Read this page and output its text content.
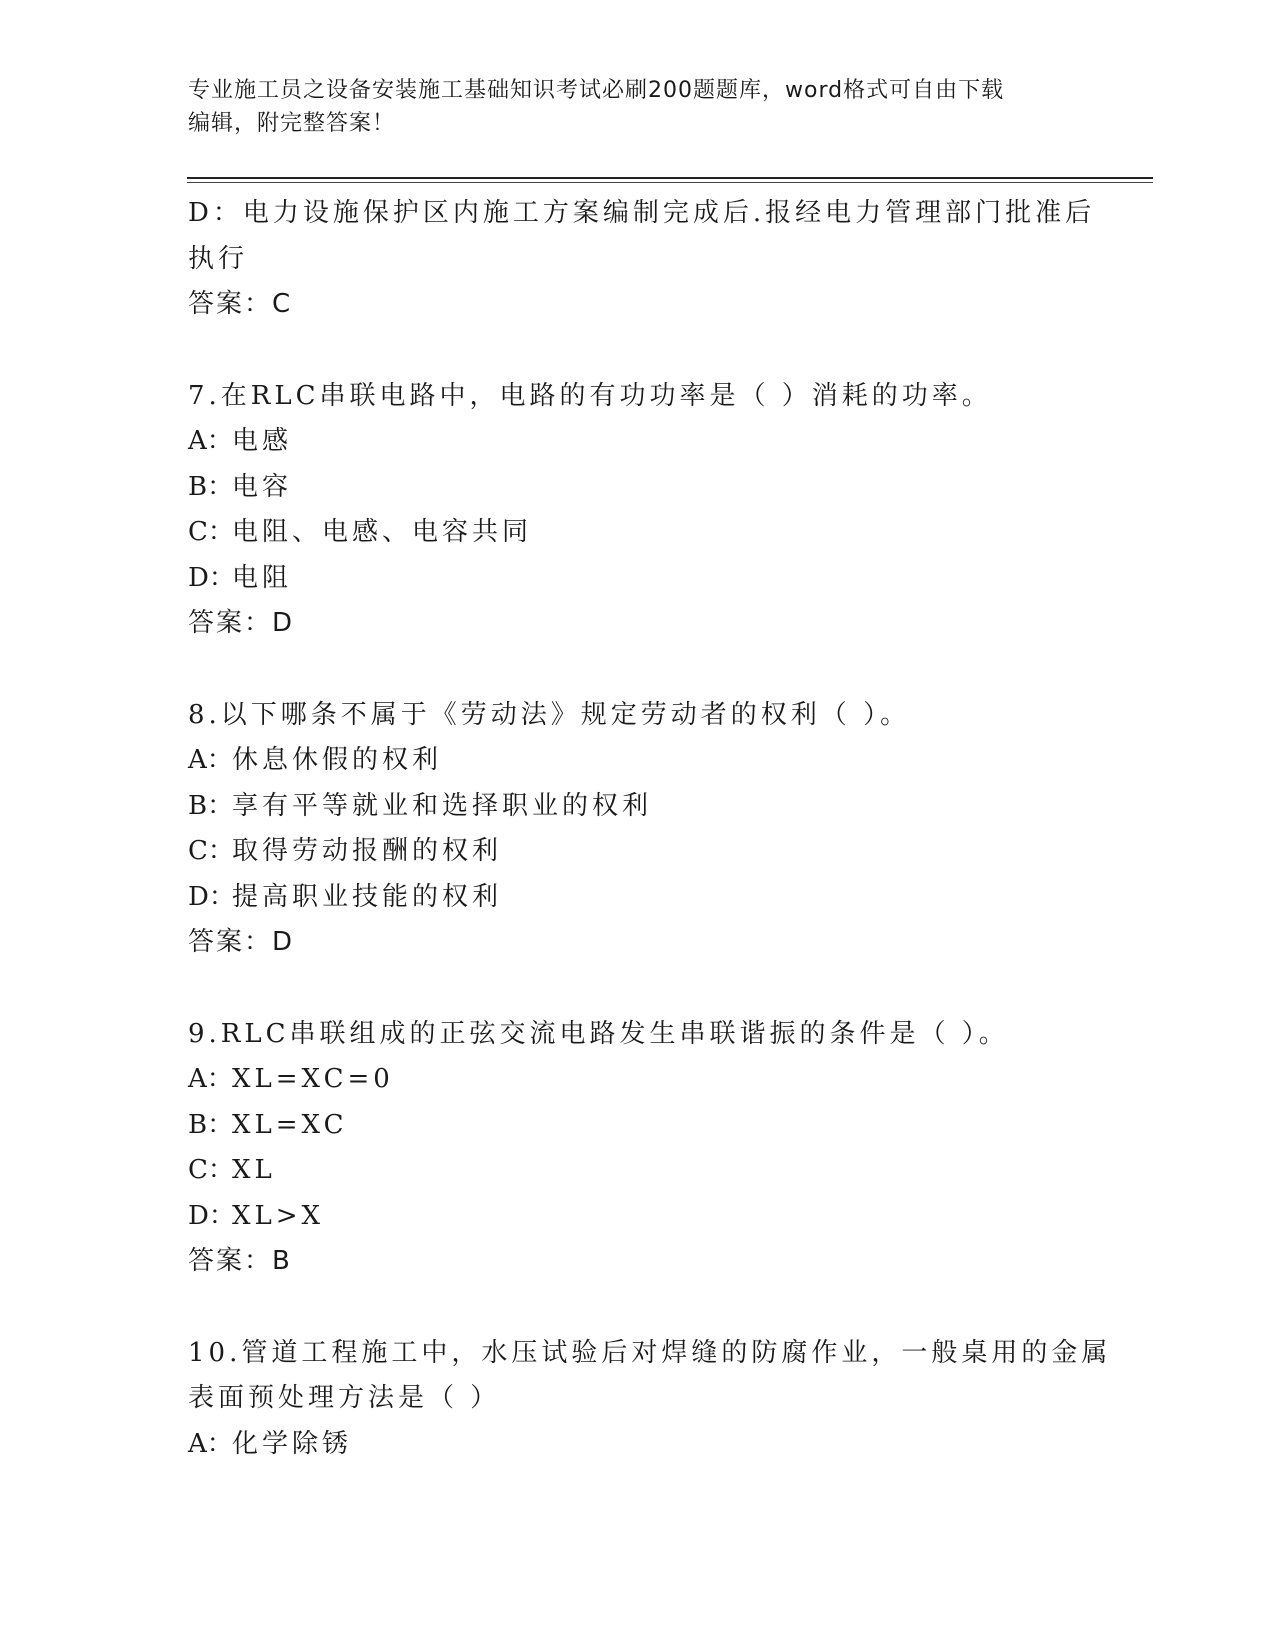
专业施工员之设备安装施工基础知识考试必刷200题题库，word格式可自由下载
编辑，附完整答案！
D：电力设施保护区内施工方案编制完成后.报经电力管理部门批准后
执行
答案：C
7.在RLC串联电路中，电路的有功功率是（ ）消耗的功率。
A：电感
B：电容
C：电阻、电感、电容共同
D：电阻
答案：D
8.以下哪条不属于《劳动法》规定劳动者的权利（ ）。
A：休息休假的权利
B：享有平等就业和选择职业的权利
C：取得劳动报酬的权利
D：提高职业技能的权利
答案：D
9.RLC串联组成的正弦交流电路发生串联谐振的条件是（ ）。
A：XL=XC=0
B：XL=XC
C：XL
D：XL>X
答案：B
10.管道工程施工中，水压试验后对焊缝的防腐作业，一般桌用的金属
表面预处理方法是（ ）
A：化学除锈
